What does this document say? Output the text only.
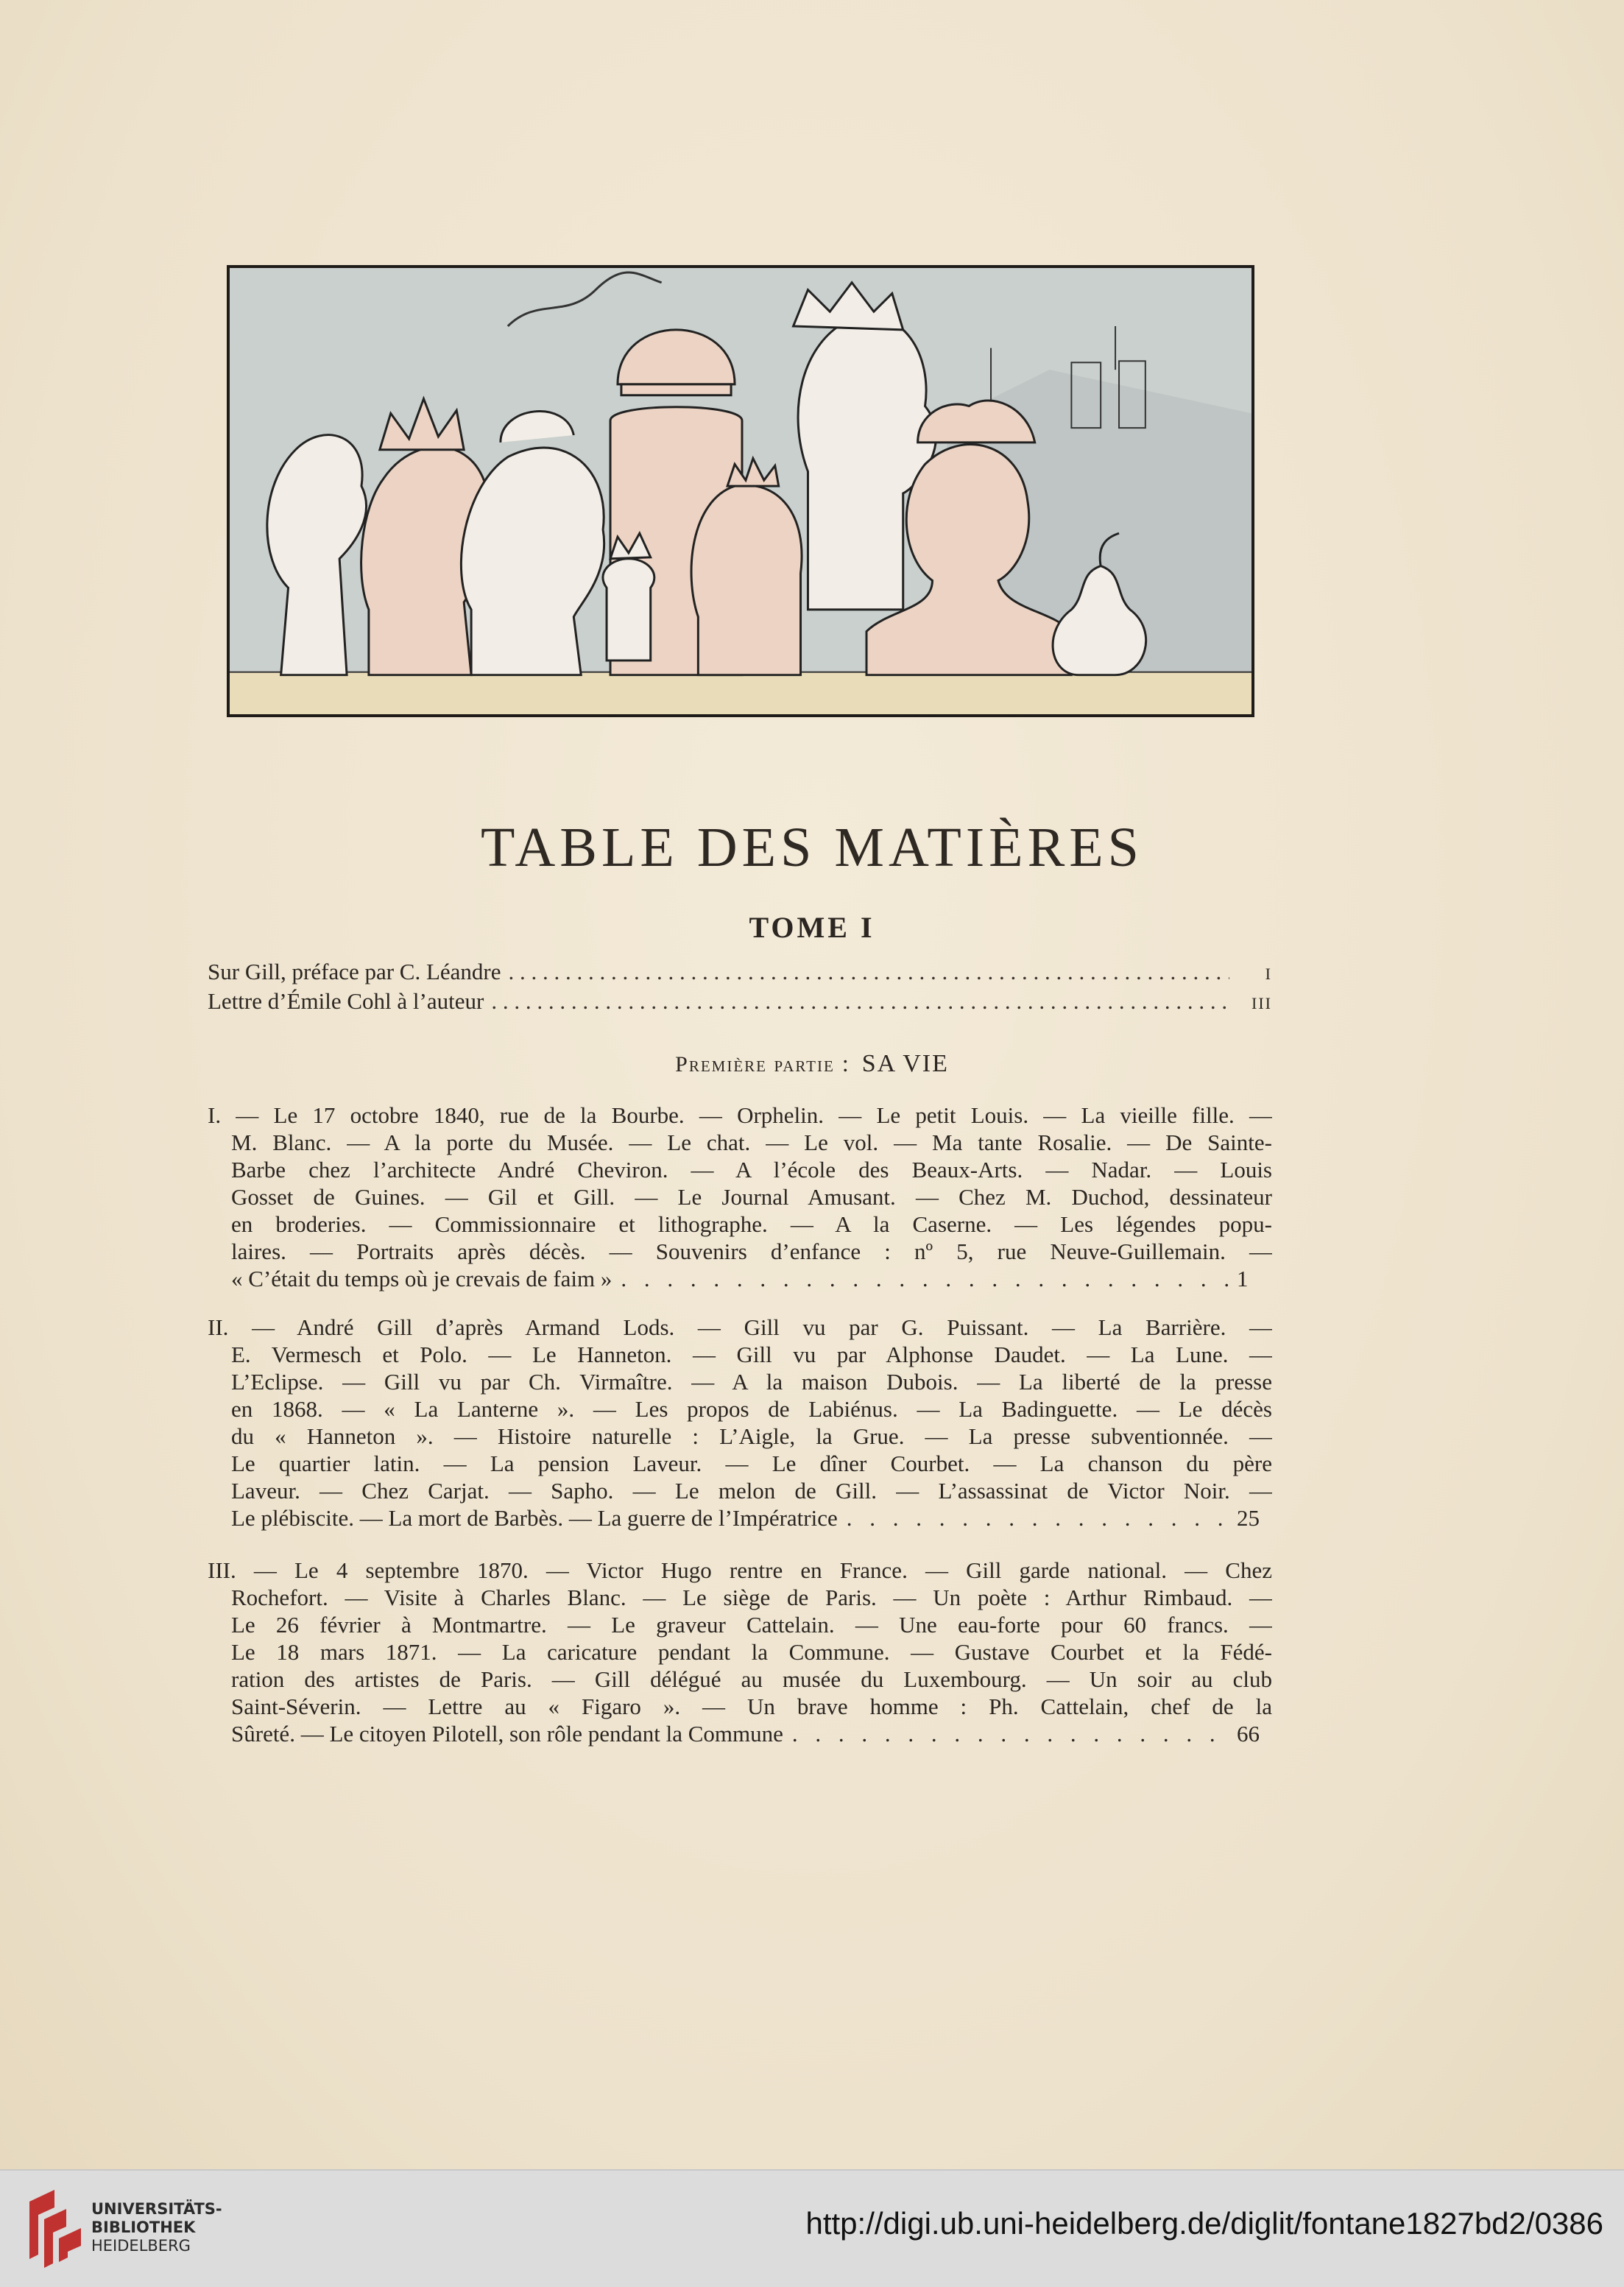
TABLE DES MATIÈRES
TOME I
Sur Gill, préface par C. Léandre . . .	I
Lettre d’Émile Cohl à l’auteur . . .	III
Première partie : SA VIE
I. — Le 17 octobre 1840, rue de la Bourbe. — Orphelin. — Le petit Louis. — La vieille fille. —
M. Blanc. — A la porte du Musée. — Le chat. — Le vol. — Ma tante Rosalie. — De Sainte-
Barbe chez l’architecte André Cheviron. — A l’école des Beaux-Arts. — Nadar. — Louis
Gosset de Guines. — Gil et Gill. — Le Journal Amusant. — Chez M. Duchod, dessinateur
en broderies. — Commissionnaire et lithographe. — A la Caserne. — Les légendes popu-
laires. — Portraits après décès. — Souvenirs d’enfance : nº 5, rue Neuve-Guillemain. —
« C’était du temps où je crevais de faim » . . .	1
II. — André Gill d’après Armand Lods. — Gill vu par G. Puissant. — La Barrière. —
E. Vermesch et Polo. — Le Hanneton. — Gill vu par Alphonse Daudet. — La Lune. —
L’Eclipse. — Gill vu par Ch. Virmaître. — A la maison Dubois. — La liberté de la presse
en 1868. — « La Lanterne ». — Les propos de Labiénus. — La Badinguette. — Le décès
du « Hanneton ». — Histoire naturelle : L’Aigle, la Grue. — La presse subventionnée. —
Le quartier latin. — La pension Laveur. — Le dîner Courbet. — La chanson du père
Laveur. — Chez Carjat. — Sapho. — Le melon de Gill. — L’assassinat de Victor Noir. —
Le plébiscite. — La mort de Barbès. — La guerre de l’Impératrice . . .	25
III. — Le 4 septembre 1870. — Victor Hugo rentre en France. — Gill garde national. — Chez
Rochefort. — Visite à Charles Blanc. — Le siège de Paris. — Un poète : Arthur Rimbaud. —
Le 26 février à Montmartre. — Le graveur Cattelain. — Une eau-forte pour 60 francs. —
Le 18 mars 1871. — La caricature pendant la Commune. — Gustave Courbet et la Fédé-
ration des artistes de Paris. — Gill délégué au musée du Luxembourg. — Un soir au club
Saint-Séverin. — Lettre au « Figaro ». — Un brave homme : Ph. Cattelain, chef de la
Sûreté. — Le citoyen Pilotell, son rôle pendant la Commune . . .	66
UNIVERSITÄTS-
BIBLIOTHEK
HEIDELBERG
http://digi.ub.uni-heidelberg.de/diglit/fontane1827bd2/0386
